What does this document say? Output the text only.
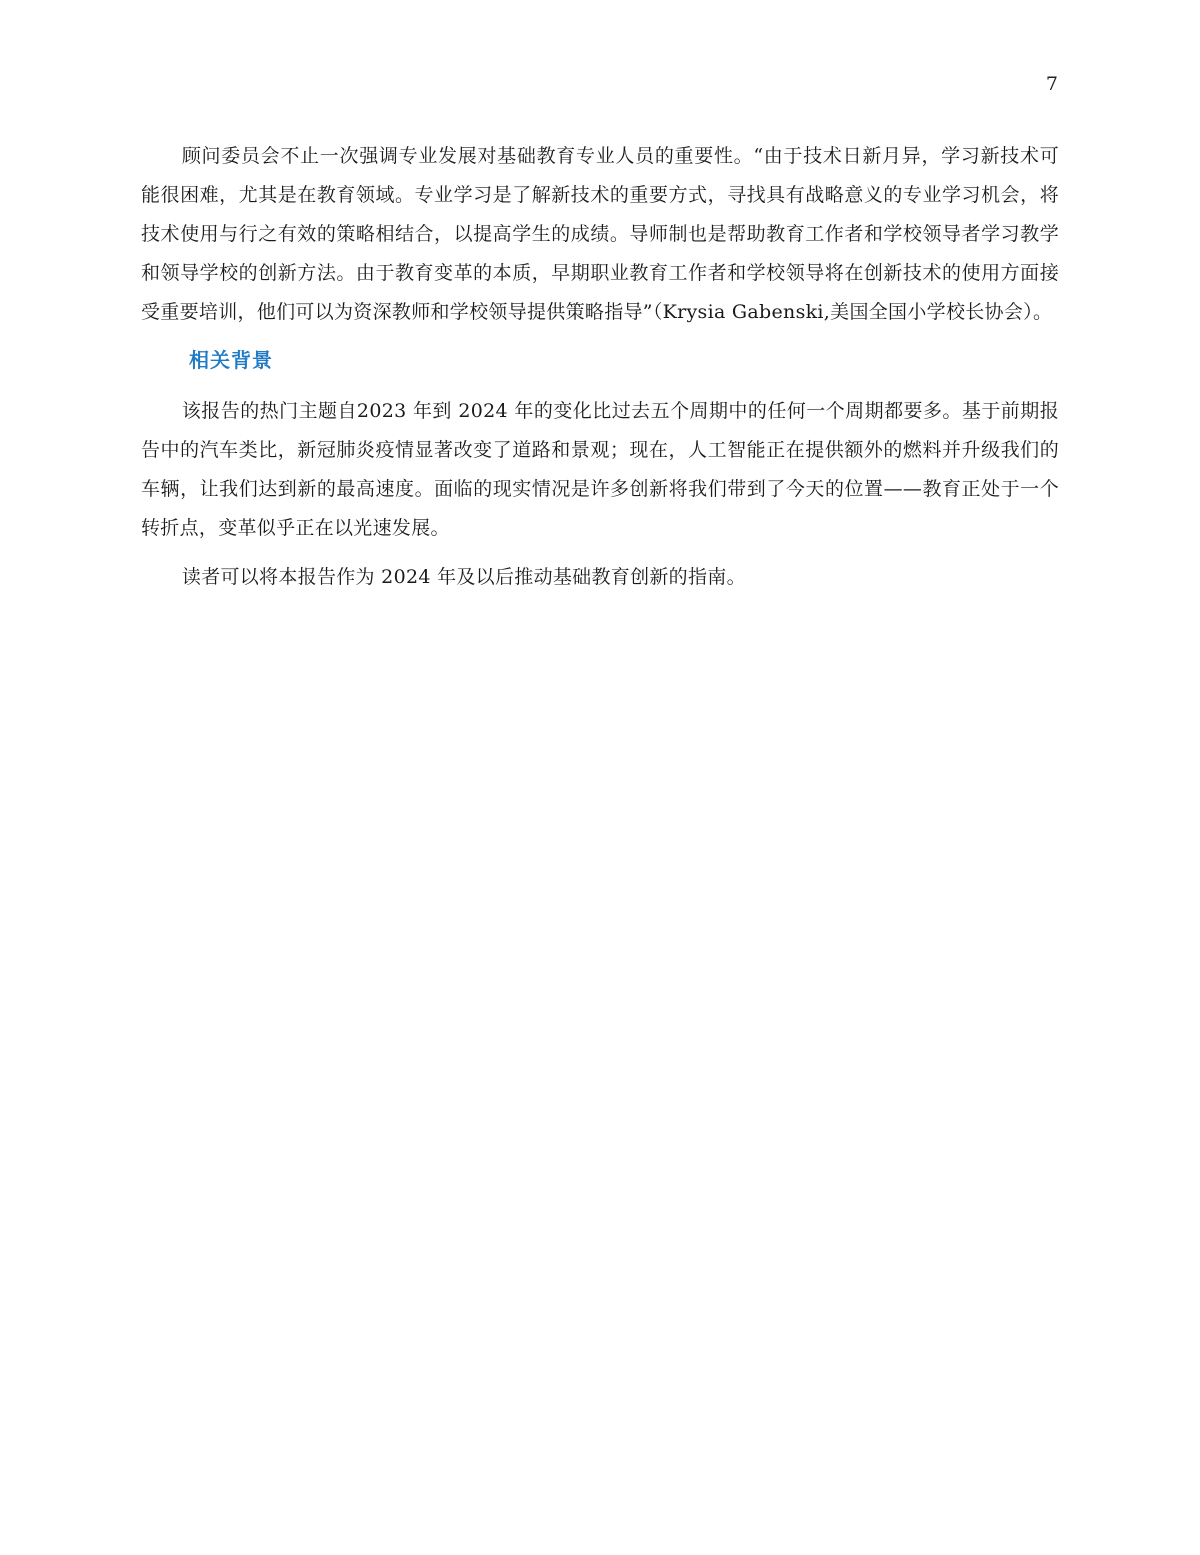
7

顾问委员会不止一次强调专业发展对基础教育专业人员的重要性。“由于技术日新月异，学习新技术可能很困难，尤其是在教育领域。专业学习是了解新技术的重要方式，寻找具有战略意义的专业学习机会，将技术使用与行之有效的策略相结合，以提高学生的成绩。导师制也是帮助教育工作者和学校领导者学习教学和领导学校的创新方法。由于教育变革的本质，早期职业教育工作者和学校领导将在创新技术的使用方面接受重要培训，他们可以为资深教师和学校领导提供策略指导”（Krysia Gabenski,美国全国小学校长协会）。

相关背景

该报告的热门主题自2023 年到 2024 年的变化比过去五个周期中的任何一个周期都要多。基于前期报告中的汽车类比，新冠肺炎疫情显著改变了道路和景观；现在，人工智能正在提供额外的燃料并升级我们的车辆，让我们达到新的最高速度。面临的现实情况是许多创新将我们带到了今天的位置——教育正处于一个转折点，变革似乎正在以光速发展。

读者可以将本报告作为 2024 年及以后推动基础教育创新的指南。
